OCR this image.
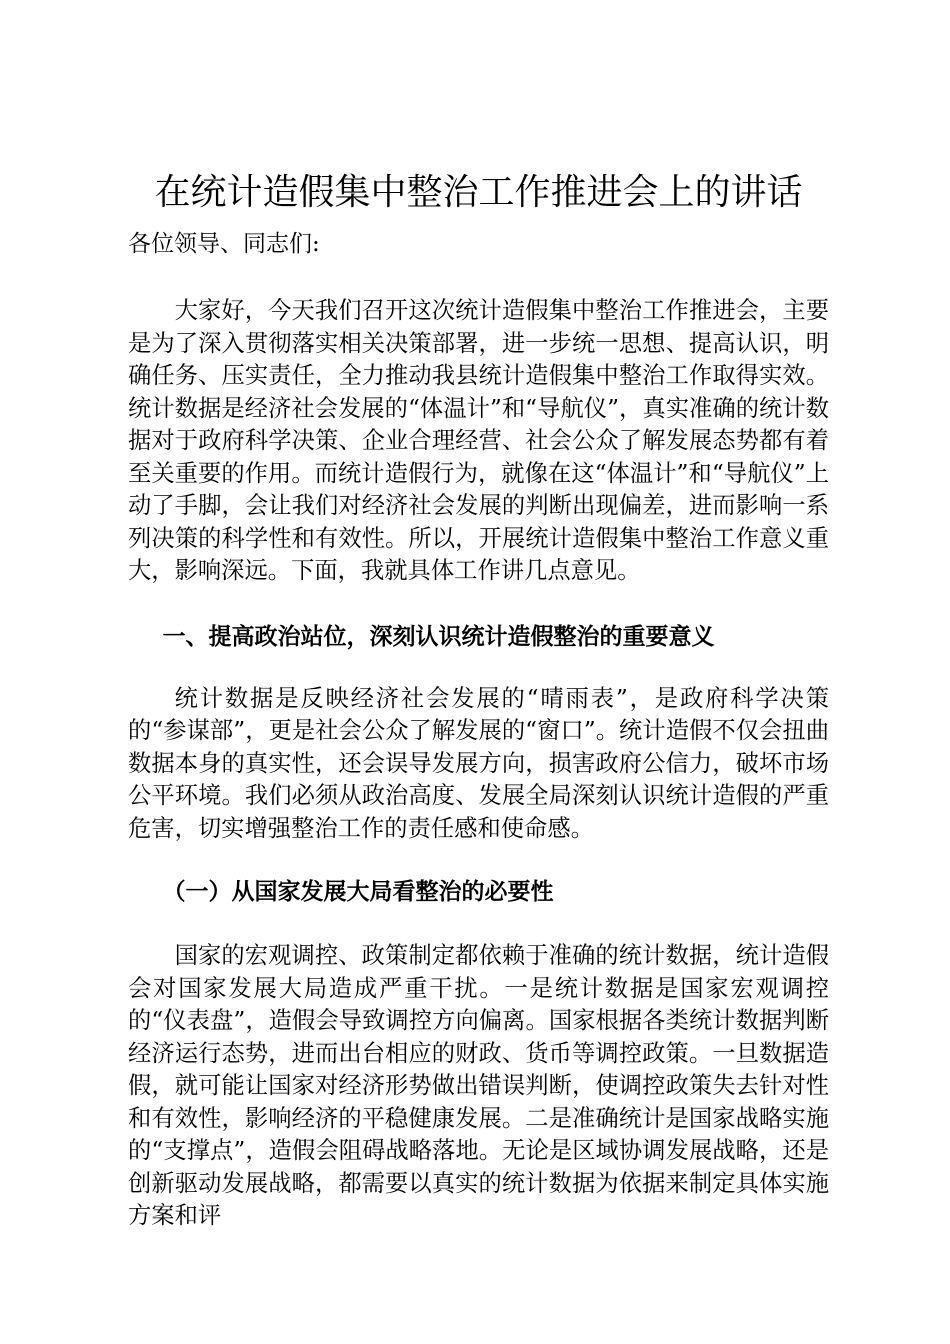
在统计造假集中整治工作推进会上的讲话

各位领导、同志们:

大家好，今天我们召开这次统计造假集中整治工作推进会，主要是为了深入贯彻落实相关决策部署，进一步统一思想、提高认识，明确任务、压实责任，全力推动我县统计造假集中整治工作取得实效。统计数据是经济社会发展的“体温计”和“导航仪”，真实准确的统计数据对于政府科学决策、企业合理经营、社会公众了解发展态势都有着至关重要的作用。而统计造假行为，就像在这“体温计”和“导航仪”上动了手脚，会让我们对经济社会发展的判断出现偏差，进而影响一系列决策的科学性和有效性。所以，开展统计造假集中整治工作意义重大，影响深远。下面，我就具体工作讲几点意见。

一、提高政治站位，深刻认识统计造假整治的重要意义

统计数据是反映经济社会发展的“晴雨表”，是政府科学决策的“参谋部”，更是社会公众了解发展的“窗口”。统计造假不仅会扭曲数据本身的真实性，还会误导发展方向，损害政府公信力，破坏市场公平环境。我们必须从政治高度、发展全局深刻认识统计造假的严重危害，切实增强整治工作的责任感和使命感。

（一）从国家发展大局看整治的必要性

国家的宏观调控、政策制定都依赖于准确的统计数据，统计造假会对国家发展大局造成严重干扰。一是统计数据是国家宏观调控的“仪表盘”，造假会导致调控方向偏离。国家根据各类统计数据判断经济运行态势，进而出台相应的财政、货币等调控政策。一旦数据造假，就可能让国家对经济形势做出错误判断，使调控政策失去针对性和有效性，影响经济的平稳健康发展。二是准确统计是国家战略实施的“支撑点”，造假会阻碍战略落地。无论是区域协调发展战略，还是创新驱动发展战略，都需要以真实的统计数据为依据来制定具体实施方案和评
